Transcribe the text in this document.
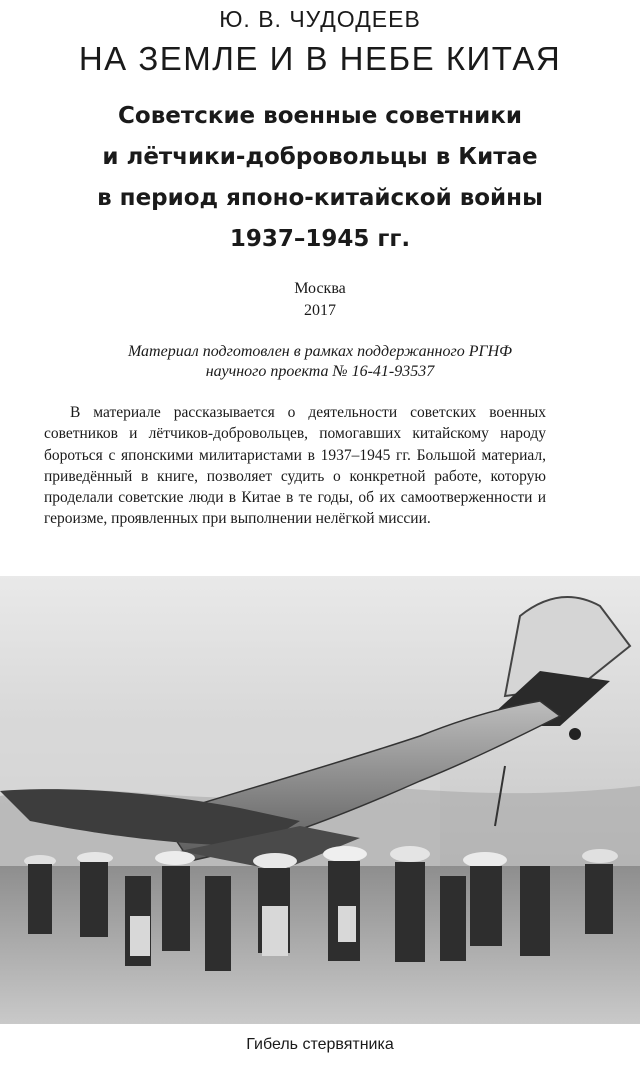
Ю. В. ЧУДОДЕЕВ
НА ЗЕМЛЕ И В НЕБЕ КИТАЯ
Советские военные советники
и лётчики-добровольцы в Китае
в период японо-китайской войны
1937–1945 гг.
Москва
2017
Материал подготовлен в рамках поддержанного РГНФ
научного проекта № 16-41-93537
В материале рассказывается о деятельности советских военных советников и лётчиков-добровольцев, помогавших китайскому народу бороться с японскими милитаристами в 1937–1945 гг. Большой материал, приведённый в книге, позволяет судить о конкретной работе, которую проделали советские люди в Китае в те годы, об их самоотверженности и героизме, проявленных при выполнении нелёгкой миссии.
Гибель стервятника
